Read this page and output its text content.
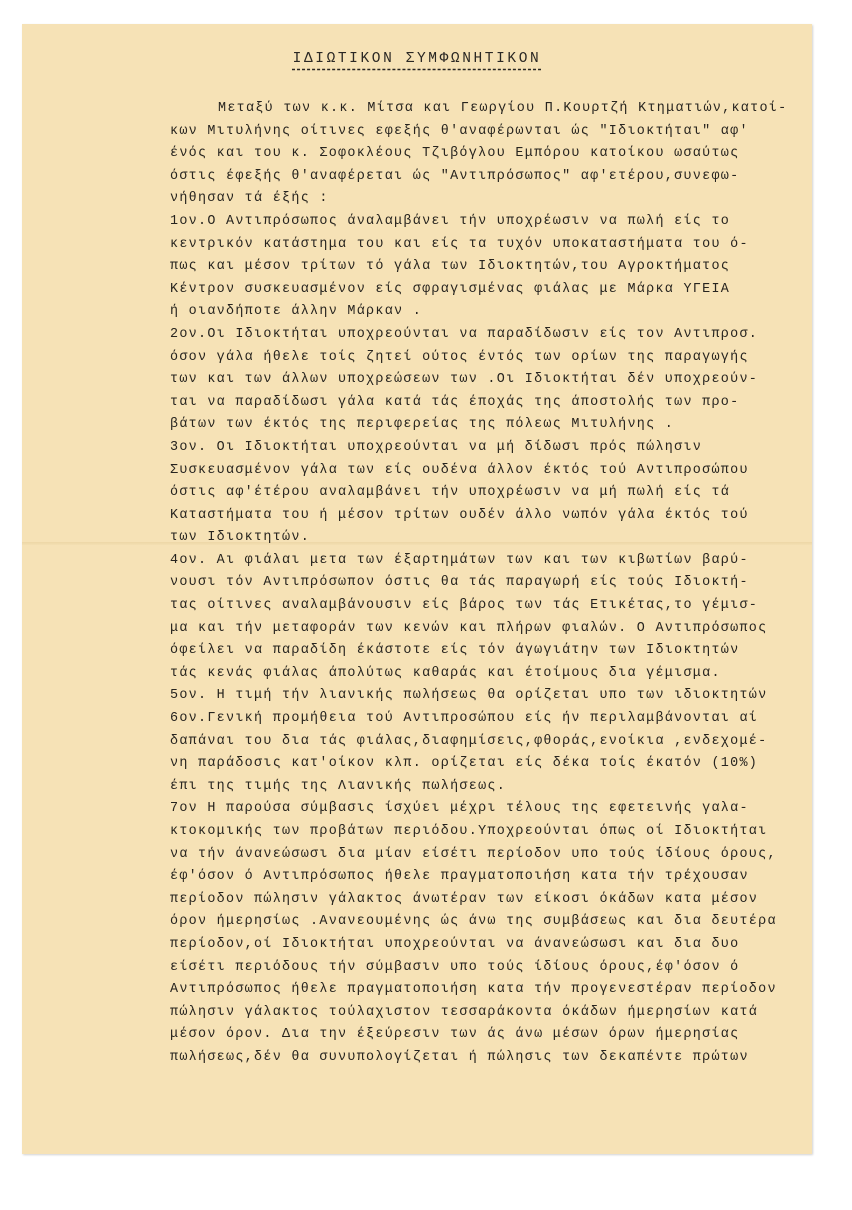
ΙΔΙΩΤΙΚΟΝ ΣΥΜΦΩΝΗΤΙΚΟΝ
Μεταξύ των κ.κ. Μίτσα και Γεωργίου Π.Κουρτζή Κτηματιών,κατοί-
κων Μιτυλήνης οίτινες εφεξής θ'αναφέρωνται ώς "Ιδιοκτήται" αφ'
ένός και του κ. Σοφοκλέους Τζιβόγλου Εμπόρου κατοίκου ωσαύτως
όστις έφεξής θ'αναφέρεται ώς "Αντιπρόσωπος" αφ'ετέρου,συνεφω-
νήθησαν τά έξής :
1ον.Ο Αντιπρόσωπος άναλαμβάνει τήν υποχρέωσιν να πωλή είς το
κεντρικόν κατάστημα του και είς τα τυχόν υποκαταστήματα του ό-
πως και μέσον τρίτων τό γάλα των Ιδιοκτητών,του Αγροκτήματος
Κέντρον συσκευασμένον είς σφραγισμένας φιάλας με Μάρκα ΥΓΕΙΑ
ή οιανδήποτε άλλην Μάρκαν .
2ον.Οι Ιδιοκτήται υποχρεούνται να παραδίδωσιν είς τον Αντιπροσ.
όσον γάλα ήθελε τοίς ζητεί ούτος έντός των ορίων της παραγωγής
των και των άλλων υποχρεώσεων των .Οι Ιδιοκτήται δέν υποχρεούν-
ται να παραδίδωσι γάλα κατά τάς έποχάς της άποστολής των προ-
βάτων των έκτός της περιφερείας της πόλεως Μιτυλήνης .
3ον. Οι Ιδιοκτήται υποχρεούνται να μή δίδωσι πρός πώλησιν
Συσκευασμένον γάλα των είς ουδένα άλλον έκτός τού Αντιπροσώπου
όστις αφ'έτέρου αναλαμβάνει τήν υποχρέωσιν να μή πωλή είς τά
Καταστήματα του ή μέσον τρίτων ουδέν άλλο νωπόν γάλα έκτός τού
των Ιδιοκτητών.
4ον. Αι φιάλαι μετα των έξαρτημάτων των και των κιβωτίων βαρύ-
νουσι τόν Αντιπρόσωπον όστις θα τάς παραγωρή είς τούς Ιδιοκτή-
τας οίτινες αναλαμβάνουσιν είς βάρος των τάς Ετικέτας,το γέμισ-
μα και τήν μεταφοράν των κενών και πλήρων φιαλών. Ο Αντιπρόσωπος
όφείλει να παραδίδη έκάστοτε είς τόν άγωγιάτην των Ιδιοκτητών
τάς κενάς φιάλας άπολύτως καθαράς και έτοίμους δια γέμισμα.
5ον. Η τιμή τήν λιανικής πωλήσεως θα ορίζεται υπο των ιδιοκτητών
6ον.Γενική προμήθεια τού Αντιπροσώπου είς ήν περιλαμβάνονται αί
δαπάναι του δια τάς φιάλας,διαφημίσεις,φθοράς,ενοίκια ,ενδεχομέ-
νη παράδοσις κατ'οίκον κλπ. ορίζεται είς δέκα τοίς έκατόν (10%)
έπι της τιμής της Λιανικής πωλήσεως.
7ον Η παρούσα σύμβασις ίσχύει μέχρι τέλους της εφετεινής γαλα-
κτοκομικής των προβάτων περιόδου.Υποχρεούνται όπως οί Ιδιοκτήται
να τήν άνανεώσωσι δια μίαν είσέτι περίοδον υπο τούς ίδίους όρους,
έφ'όσον ό Αντιπρόσωπος ήθελε πραγματοποιήση κατα τήν τρέχουσαν
περίοδον πώλησιν γάλακτος άνωτέραν των είκοσι όκάδων κατα μέσον
όρον ήμερησίως .Ανανεουμένης ώς άνω της συμβάσεως και δια δευτέρα
περίοδον,οί Ιδιοκτήται υποχρεούνται να άνανεώσωσι και δια δυο
είσέτι περιόδους τήν σύμβασιν υπο τούς ίδίους όρους,έφ'όσον ό
Αντιπρόσωπος ήθελε πραγματοποιήση κατα τήν προγενεστέραν περίοδον
πώλησιν γάλακτος τούλαχιστον τεσσαράκοντα όκάδων ήμερησίων κατά
μέσον όρον. Δια την έξεύρεσιν των άς άνω μέσων όρων ήμερησίας
πωλήσεως,δέν θα συνυπολογίζεται ή πώλησις των δεκαπέντε πρώτων
